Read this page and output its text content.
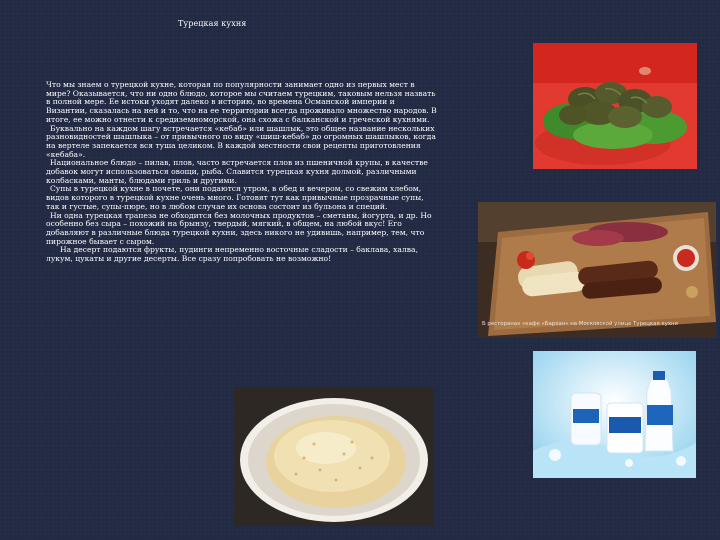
Турецкая кухня

Что мы знаем о турецкой кухне, которая по популярности занимает одно из первых мест в мире? Оказывается, что ни одно блюдо, которое мы считаем турецким, таковым нельзя назвать в полной мере. Ее истоки уходят далеко в историю, во времена Османской империи и Византии, сказалась на ней и то, что на ее территории всегда проживало множество народов. В итоге, ее можно отнести к средиземноморской, она схожа с балканской и греческой кухнями.

Буквально на каждом шагу встречается «кебаб» или шашлык, это общее название нескольких разновидностей шашлыка – от привычного по виду «шиш-кебаб» до огромных шашлыков, когда на вертеле запекается вся туша целиком. В каждой местности свои рецепты приготовления «кебаба».

Национальное блюдо – пилав, плов, часто встречается плов из пшеничной крупы, в качестве добавок могут использоваться овощи, рыба. Славится турецкая кухня долмой, различными колбасками, манты, блюдами гриль и другими.

Супы в турецкой кухне в почете, они подаются утром, в обед и вечером, со свежим хлебом, видов которого в турецкой кухне очень много. Готовят тут как привычные прозрачные супы, так и густые, супы-пюре, но в любом случае их основа состоит из бульона и специй.

Ни одна турецкая трапеза не обходится без молочных продуктов – сметаны, йогурта, и др. Но особенно без сыра – похожий на брынзу, твердый, мягкий, в общем, на любой вкус! Его добавляют в различные блюда турецкой кухни, здесь никого не удивишь, например, тем, что пирожное бывает с сыром.

На десерт подаются фрукты, пудинги непременно восточные сладости – баклава, халва, лукум, цукаты и другие десерты. Все сразу попробовать не возможно!

Б ресторанах «кафе «Бархан» на Московской улице Турецкая кухня
